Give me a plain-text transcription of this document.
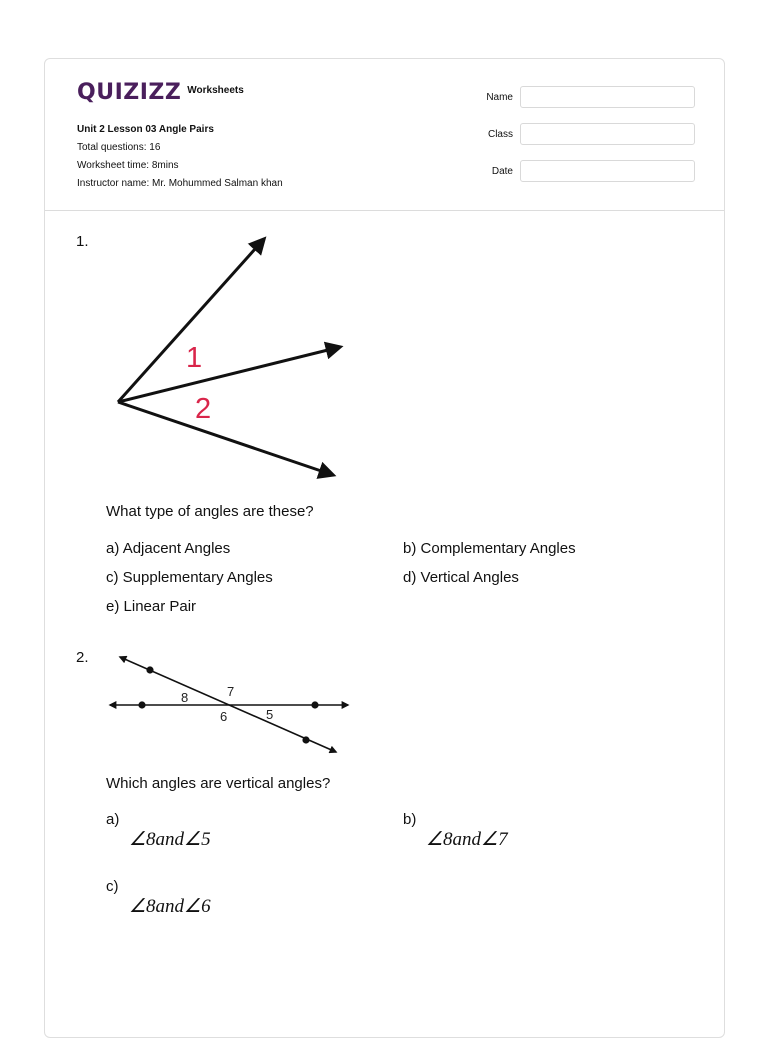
QUIZIZZ Worksheets
Unit 2 Lesson 03 Angle Pairs
Total questions: 16
Worksheet time: 8mins
Instructor name: Mr. Mohummed Salman khan
Name
Class
Date
1.
1
2
What type of angles are these?
a) Adjacent Angles	b) Complementary Angles
c) Supplementary Angles	d) Vertical Angles
e) Linear Pair
2.
8	7
6	5
Which angles are vertical angles?
a)
∠8and∠5
b)
∠8and∠7
c)
∠8and∠6
